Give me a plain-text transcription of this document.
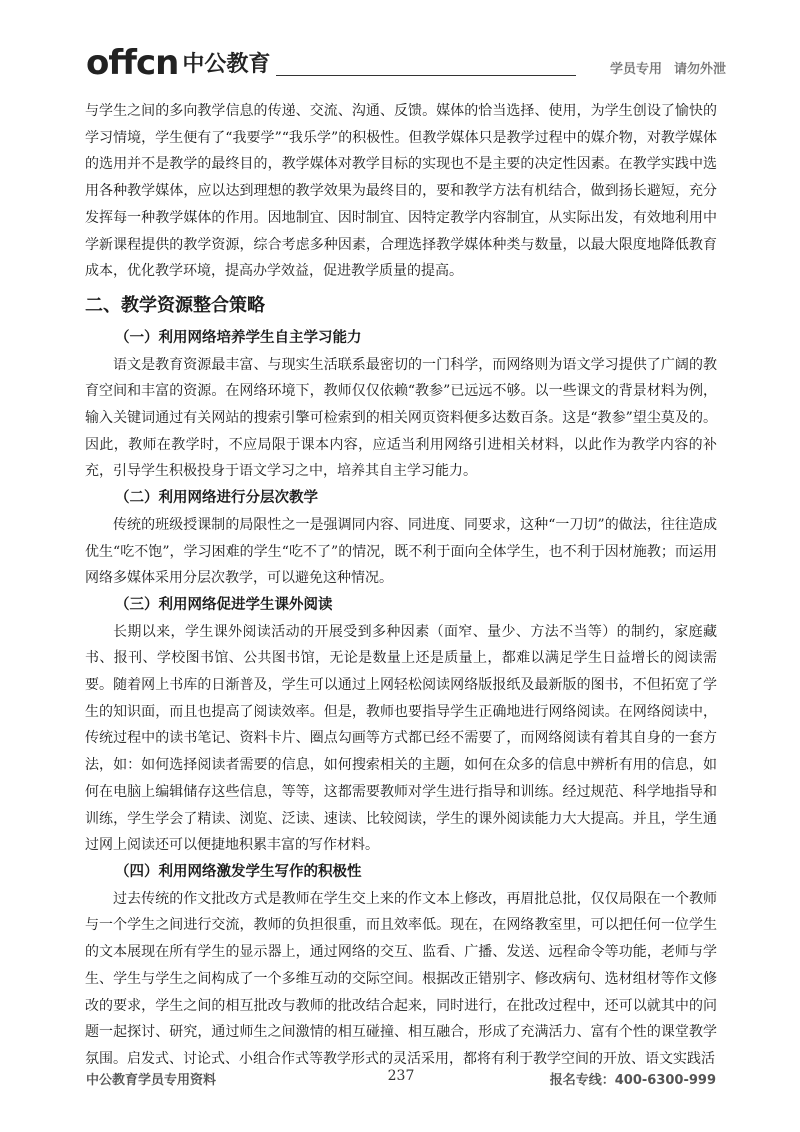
offcn 中公教育	学员专用 请勿外泄

与学生之间的多向教学信息的传递、交流、沟通、反馈。媒体的恰当选择、使用，为学生创设了愉快的学习情境，学生便有了“我要学”“我乐学”的积极性。但教学媒体只是教学过程中的媒介物，对教学媒体的选用并不是教学的最终目的，教学媒体对教学目标的实现也不是主要的决定性因素。在教学实践中选用各种教学媒体，应以达到理想的教学效果为最终目的，要和教学方法有机结合，做到扬长避短，充分发挥每一种教学媒体的作用。因地制宜、因时制宜、因特定教学内容制宜，从实际出发，有效地利用中学新课程提供的教学资源，综合考虑多种因素，合理选择教学媒体种类与数量，以最大限度地降低教育成本，优化教学环境，提高办学效益，促进教学质量的提高。

二、教学资源整合策略
（一）利用网络培养学生自主学习能力

语文是教育资源最丰富、与现实生活联系最密切的一门科学，而网络则为语文学习提供了广阔的教育空间和丰富的资源。在网络环境下，教师仅仅依赖“教参”已远远不够。以一些课文的背景材料为例，输入关键词通过有关网站的搜索引擎可检索到的相关网页资料便多达数百条。这是“教参”望尘莫及的。因此，教师在教学时，不应局限于课本内容，应适当利用网络引进相关材料，以此作为教学内容的补充，引导学生积极投身于语文学习之中，培养其自主学习能力。

（二）利用网络进行分层次教学

传统的班级授课制的局限性之一是强调同内容、同进度、同要求，这种“一刀切”的做法，往往造成优生“吃不饱”，学习困难的学生“吃不了”的情况，既不利于面向全体学生，也不利于因材施教；而运用网络多媒体采用分层次教学，可以避免这种情况。

（三）利用网络促进学生课外阅读

长期以来，学生课外阅读活动的开展受到多种因素（面窄、量少、方法不当等）的制约，家庭藏书、报刊、学校图书馆、公共图书馆，无论是数量上还是质量上，都难以满足学生日益增长的阅读需要。随着网上书库的日渐普及，学生可以通过上网轻松阅读网络版报纸及最新版的图书，不但拓宽了学生的知识面，而且也提高了阅读效率。但是，教师也要指导学生正确地进行网络阅读。在网络阅读中，传统过程中的读书笔记、资料卡片、圈点勾画等方式都已经不需要了，而网络阅读有着其自身的一套方法，如：如何选择阅读者需要的信息，如何搜索相关的主题，如何在众多的信息中辨析有用的信息，如何在电脑上编辑储存这些信息，等等，这都需要教师对学生进行指导和训练。经过规范、科学地指导和训练，学生学会了精读、浏览、泛读、速读、比较阅读，学生的课外阅读能力大大提高。并且，学生通过网上阅读还可以便捷地积累丰富的写作材料。

（四）利用网络激发学生写作的积极性

过去传统的作文批改方式是教师在学生交上来的作文本上修改，再眉批总批，仅仅局限在一个教师与一个学生之间进行交流，教师的负担很重，而且效率低。现在，在网络教室里，可以把任何一位学生的文本展现在所有学生的显示器上，通过网络的交互、监看、广播、发送、远程命令等功能，老师与学生、学生与学生之间构成了一个多维互动的交际空间。根据改正错别字、修改病句、选材组材等作文修改的要求，学生之间的相互批改与教师的批改结合起来，同时进行，在批改过程中，还可以就其中的问题一起探讨、研究，通过师生之间激情的相互碰撞、相互融合，形成了充满活力、富有个性的课堂教学氛围。启发式、讨论式、小组合作式等教学形式的灵活采用，都将有利于教学空间的开放、语文实践活

中公教育学员专用资料	237	报名专线：400-6300-999
